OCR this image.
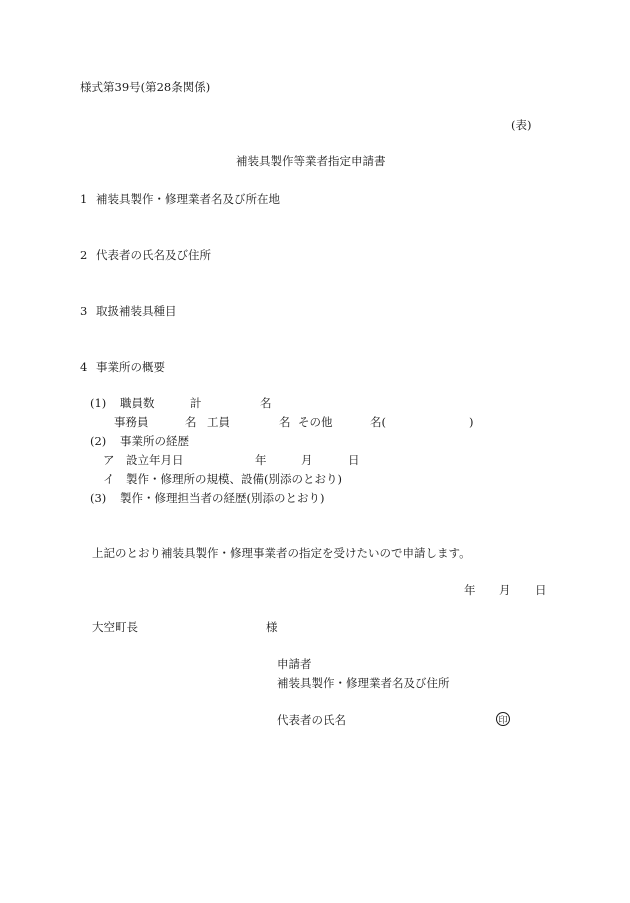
様式第39号(第28条関係)
(表)
補装具製作等業者指定申請書
1 補装具製作・修理業者名及び所在地
2 代表者の氏名及び住所
3 取扱補装具種目
4 事業所の概要
(1) 職員数	計	名
事務員	名 工員	名 その他	名(	)
(2) 事業所の経歴
ア 設立年月日	年	月	日
イ 製作・修理所の規模、設備(別添のとおり)
(3) 製作・修理担当者の経歴(別添のとおり)
上記のとおり補装具製作・修理事業者の指定を受けたいので申請します。
年 月 日
大空町長	様
申請者
補装具製作・修理業者名及び住所
代表者の氏名	印
